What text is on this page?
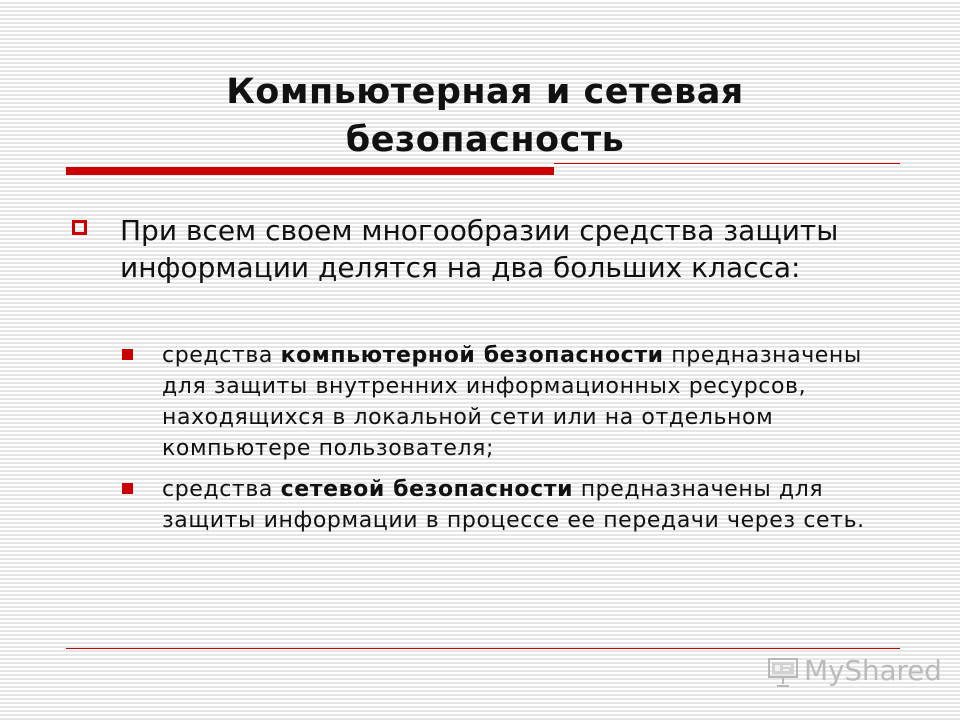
Компьютерная и сетевая
безопасность
При всем своем многообразии средства защиты информации делятся на два больших класса:

средства компьютерной безопасности предназначены для защиты внутренних информационных ресурсов, находящихся в локальной сети или на отдельном компьютере пользователя;

средства сетевой безопасности предназначены для защиты информации в процессе ее передачи через сеть.

MyShared
